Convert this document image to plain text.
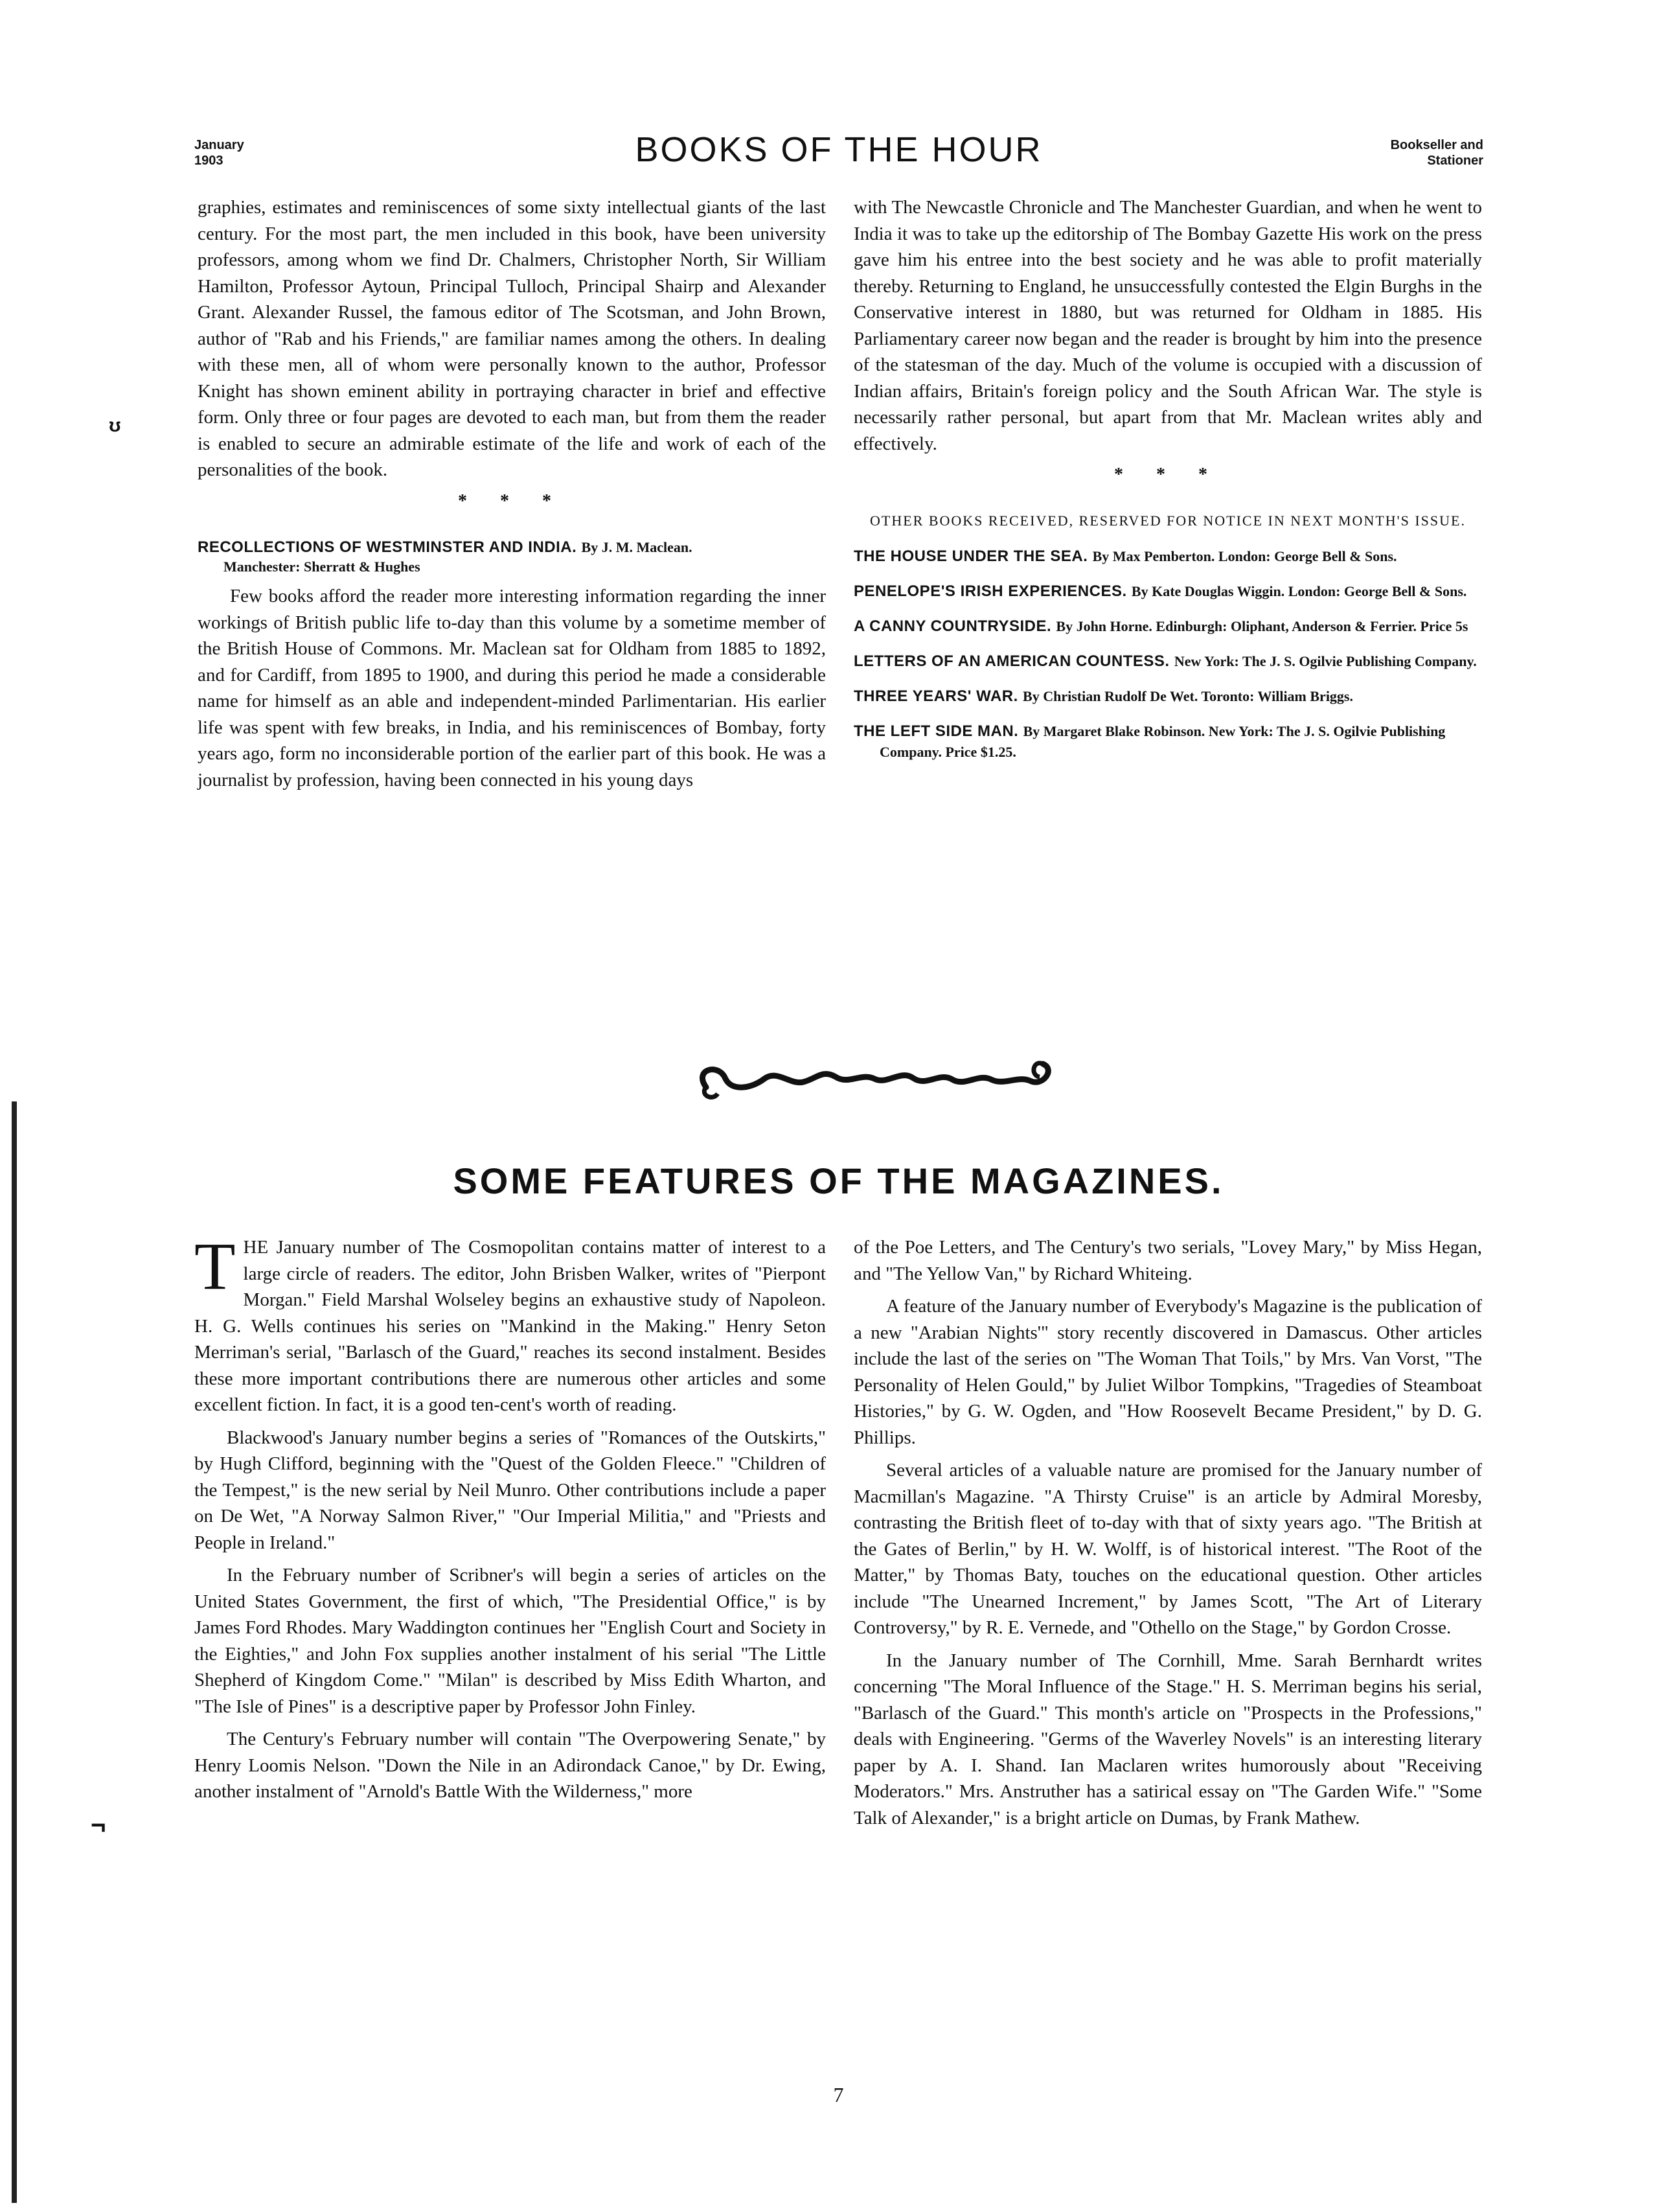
January
1903	BOOKS OF THE HOUR	Bookseller and
Stationer

graphies, estimates and reminiscences of some sixty intellectual giants of the last century. For the most part, the men included in this book, have been university professors, among whom we find Dr. Chalmers, Christopher North, Sir William Hamilton, Professor Aytoun, Principal Tulloch, Principal Shairp and Alexander Grant. Alexander Russel, the famous editor of The Scotsman, and John Brown, author of "Rab and his Friends," are familiar names among the others. In dealing with these men, all of whom were personally known to the author, Professor Knight has shown eminent ability in portraying character in brief and effective form. Only three or four pages are devoted to each man, but from them the reader is enabled to secure an admirable estimate of the life and work of each of the personalities of the book.

* * *
RECOLLECTIONS OF WESTMINSTER AND INDIA. By J. M. Maclean.
Manchester: Sherratt & Hughes

Few books afford the reader more interesting information regarding the inner workings of British public life to-day than this volume by a sometime member of the British House of Commons. Mr. Maclean sat for Oldham from 1885 to 1892, and for Cardiff, from 1895 to 1900, and during this period he made a considerable name for himself as an able and independent-minded Parlimentarian. His earlier life was spent with few breaks, in India, and his reminiscences of Bombay, forty years ago, form no inconsiderable portion of the earlier part of this book. He was a journalist by profession, having been connected in his young days

with The Newcastle Chronicle and The Manchester Guardian, and when he went to India it was to take up the editorship of The Bombay Gazette His work on the press gave him his entree into the best society and he was able to profit materially thereby. Returning to England, he unsuccessfully contested the Elgin Burghs in the Conservative interest in 1880, but was returned for Oldham in 1885. His Parliamentary career now began and the reader is brought by him into the presence of the statesman of the day. Much of the volume is occupied with a discussion of Indian affairs, Britain's foreign policy and the South African War. The style is necessarily rather personal, but apart from that Mr. Maclean writes ably and effectively.

* * *
OTHER BOOKS RECEIVED, RESERVED FOR NOTICE IN NEXT MONTH'S ISSUE.
THE HOUSE UNDER THE SEA. By Max Pemberton. London: George Bell & Sons.
PENELOPE'S IRISH EXPERIENCES. By Kate Douglas Wiggin. London: George Bell & Sons.
A CANNY COUNTRYSIDE. By John Horne. Edinburgh: Oliphant, Anderson & Ferrier. Price 5s
LETTERS OF AN AMERICAN COUNTESS. New York: The J. S. Ogilvie Publishing Company.
THREE YEARS' WAR. By Christian Rudolf De Wet. Toronto: William Briggs.
THE LEFT SIDE MAN. By Margaret Blake Robinson. New York: The J. S. Ogilvie Publishing Company. Price $1.25.
SOME FEATURES OF THE MAGAZINES.

THE January number of The Cosmopolitan contains matter of interest to a large circle of readers. The editor, John Brisben Walker, writes of "Pierpont Morgan." Field Marshal Wolseley begins an exhaustive study of Napoleon. H. G. Wells continues his series on "Mankind in the Making." Henry Seton Merriman's serial, "Barlasch of the Guard," reaches its second instalment. Besides these more important contributions there are numerous other articles and some excellent fiction. In fact, it is a good ten-cent's worth of reading.

Blackwood's January number begins a series of "Romances of the Outskirts," by Hugh Clifford, beginning with the "Quest of the Golden Fleece." "Children of the Tempest," is the new serial by Neil Munro. Other contributions include a paper on De Wet, "A Norway Salmon River," "Our Imperial Militia," and "Priests and People in Ireland."

In the February number of Scribner's will begin a series of articles on the United States Government, the first of which, "The Presidential Office," is by James Ford Rhodes. Mary Waddington continues her "English Court and Society in the Eighties," and John Fox supplies another instalment of his serial "The Little Shepherd of Kingdom Come." "Milan" is described by Miss Edith Wharton, and "The Isle of Pines" is a descriptive paper by Professor John Finley.

The Century's February number will contain "The Overpowering Senate," by Henry Loomis Nelson. "Down the Nile in an Adirondack Canoe," by Dr. Ewing, another instalment of "Arnold's Battle With the Wilderness," more

of the Poe Letters, and The Century's two serials, "Lovey Mary," by Miss Hegan, and "The Yellow Van," by Richard Whiteing.

A feature of the January number of Everybody's Magazine is the publication of a new "Arabian Nights'" story recently discovered in Damascus. Other articles include the last of the series on "The Woman That Toils," by Mrs. Van Vorst, "The Personality of Helen Gould," by Juliet Wilbor Tompkins, "Tragedies of Steamboat Histories," by G. W. Ogden, and "How Roosevelt Became President," by D. G. Phillips.

Several articles of a valuable nature are promised for the January number of Macmillan's Magazine. "A Thirsty Cruise" is an article by Admiral Moresby, contrasting the British fleet of to-day with that of sixty years ago. "The British at the Gates of Berlin," by H. W. Wolff, is of historical interest. "The Root of the Matter," by Thomas Baty, touches on the educational question. Other articles include "The Unearned Increment," by James Scott, "The Art of Literary Controversy," by R. E. Vernede, and "Othello on the Stage," by Gordon Crosse.

In the January number of The Cornhill, Mme. Sarah Bernhardt writes concerning "The Moral Influence of the Stage." H. S. Merriman begins his serial, "Barlasch of the Guard." This month's article on "Prospects in the Professions," deals with Engineering. "Germs of the Waverley Novels" is an interesting literary paper by A. I. Shand. Ian Maclaren writes humorously about "Receiving Moderators." Mrs. Anstruther has a satirical essay on "The Garden Wife." "Some Talk of Alexander," is a bright article on Dumas, by Frank Mathew.

7
ʊ
¬
